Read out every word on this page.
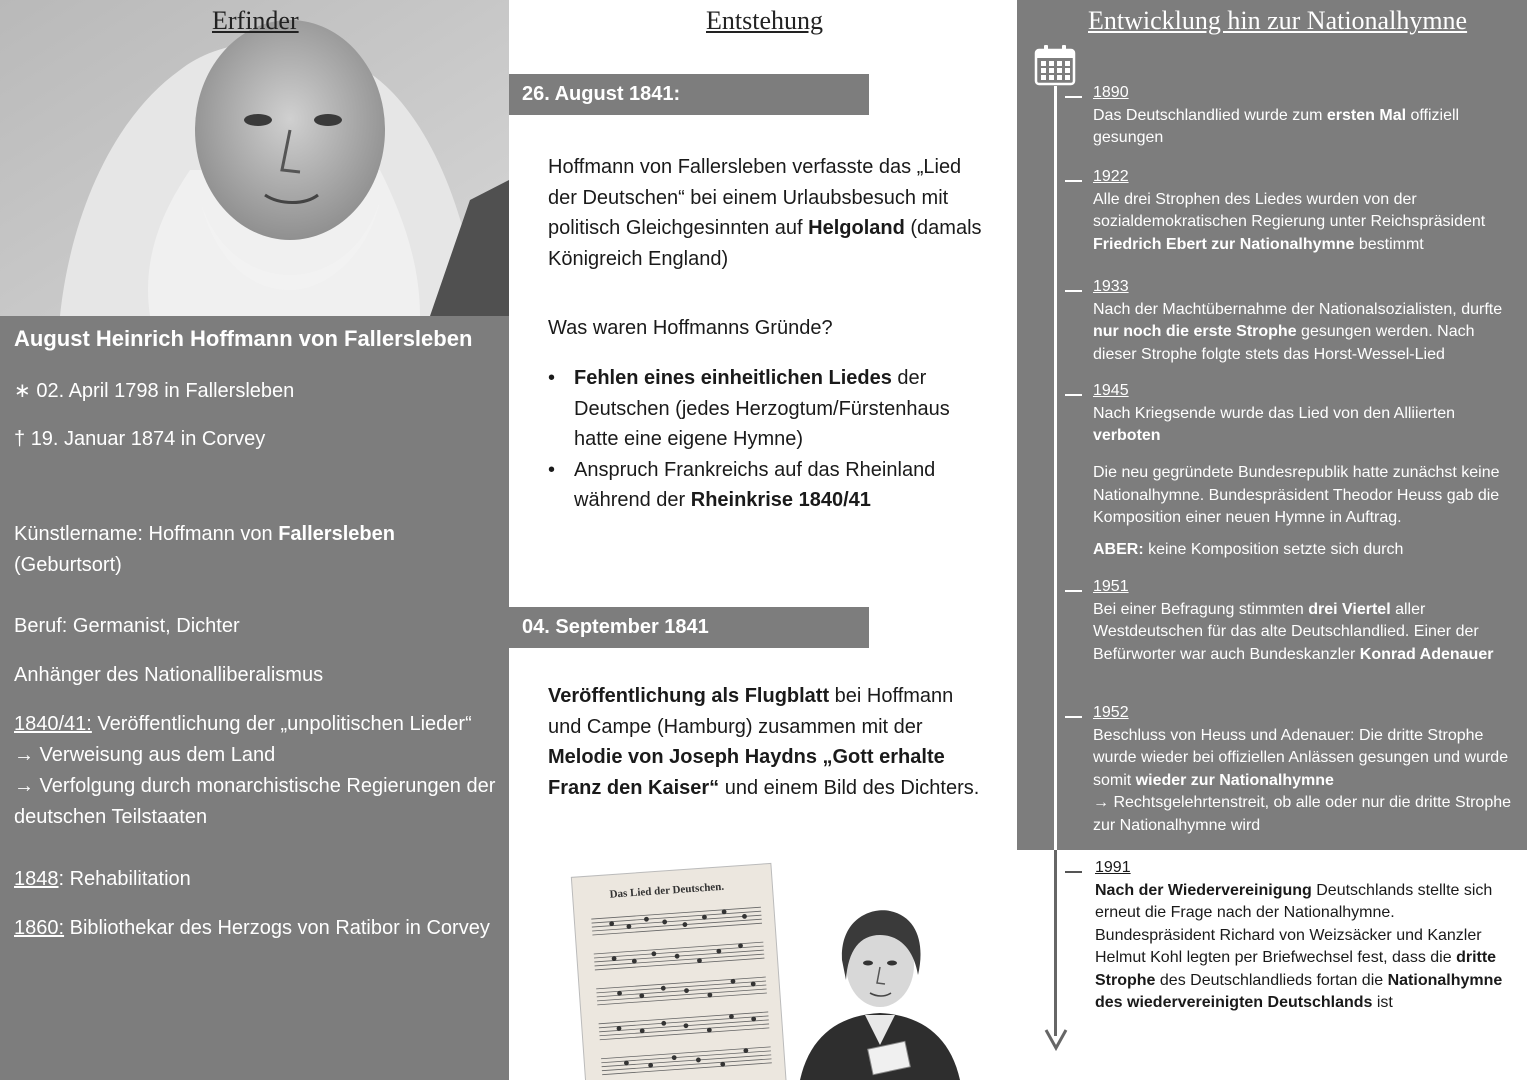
Erfinder
August Heinrich Hoffmann von Fallersleben
∗ 02. April 1798 in Fallersleben
† 19. Januar 1874 in Corvey
Künstlername: Hoffmann von Fallersleben
(Geburtsort)
Beruf: Germanist, Dichter
Anhänger des Nationalliberalismus
1840/41: Veröffentlichung der „unpolitischen Lieder“
→ Verweisung aus dem Land
→ Verfolgung durch monarchistische Regierungen der deutschen Teilstaaten
1848: Rehabilitation
1860: Bibliothekar des Herzogs von Ratibor in Corvey
Entstehung
26. August 1841:
Hoffmann von Fallersleben verfasste das „Lied der Deutschen“ bei einem Urlaubsbesuch mit politisch Gleichgesinnten auf Helgoland (damals Königreich England)
Was waren Hoffmanns Gründe?
• Fehlen eines einheitlichen Liedes der Deutschen (jedes Herzogtum/Fürstenhaus hatte eine eigene Hymne)
• Anspruch Frankreichs auf das Rheinland während der Rheinkrise 1840/41
04. September 1841
Veröffentlichung als Flugblatt bei Hoffmann und Campe (Hamburg) zusammen mit der Melodie von Joseph Haydns „Gott erhalte Franz den Kaiser“ und einem Bild des Dichters.
Das Lied der Deutschen.
Entwicklung hin zur Nationalhymne
1890
Das Deutschlandlied wurde zum ersten Mal offiziell gesungen
1922
Alle drei Strophen des Liedes wurden von der sozialdemokratischen Regierung unter Reichspräsident Friedrich Ebert zur Nationalhymne bestimmt
1933
Nach der Machtübernahme der Nationalsozialisten, durfte nur noch die erste Strophe gesungen werden. Nach dieser Strophe folgte stets das Horst-Wessel-Lied
1945
Nach Kriegsende wurde das Lied von den Alliierten verboten
Die neu gegründete Bundesrepublik hatte zunächst keine Nationalhymne. Bundespräsident Theodor Heuss gab die Komposition einer neuen Hymne in Auftrag.
ABER: keine Komposition setzte sich durch
1951
Bei einer Befragung stimmten drei Viertel aller Westdeutschen für das alte Deutschlandlied. Einer der Befürworter war auch Bundeskanzler Konrad Adenauer
1952
Beschluss von Heuss und Adenauer: Die dritte Strophe wurde wieder bei offiziellen Anlässen gesungen und wurde somit wieder zur Nationalhymne
→ Rechtsgelehrtenstreit, ob alle oder nur die dritte Strophe zur Nationalhymne wird
1991
Nach der Wiedervereinigung Deutschlands stellte sich erneut die Frage nach der Nationalhymne. Bundespräsident Richard von Weizsäcker und Kanzler Helmut Kohl legten per Briefwechsel fest, dass die dritte Strophe des Deutschlandlieds fortan die Nationalhymne des wiedervereinigten Deutschlands ist
